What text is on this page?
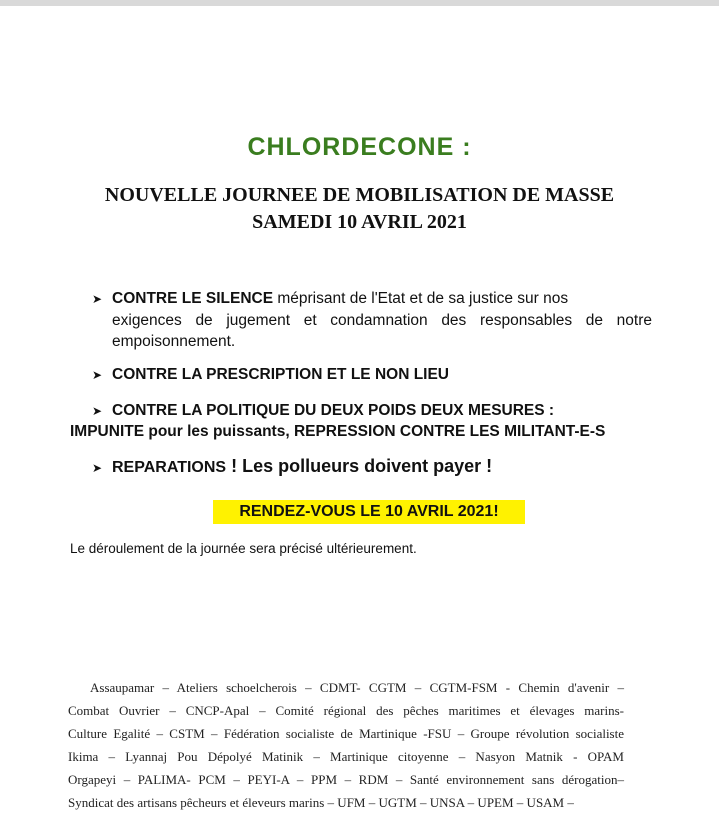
CHLORDECONE :
NOUVELLE JOURNEE DE MOBILISATION DE MASSE
SAMEDI 10 AVRIL 2021
➤ CONTRE LE SILENCE méprisant de l'Etat et de sa justice sur nos
exigences de jugement et condamnation des responsables de notre
empoisonnement.
➤ CONTRE LA PRESCRIPTION ET LE NON LIEU
➤ CONTRE LA POLITIQUE DU DEUX POIDS DEUX MESURES :
IMPUNITE pour les puissants, REPRESSION CONTRE LES MILITANT-E-S
➤ REPARATIONS ! Les pollueurs doivent payer !
RENDEZ-VOUS LE 10 AVRIL 2021!
Le déroulement de la journée sera précisé ultérieurement.
Assaupamar – Ateliers schoelcherois – CDMT- CGTM – CGTM-FSM - Chemin d'avenir –
Combat Ouvrier – CNCP-Apal – Comité régional des pêches maritimes et élevages marins-
Culture Egalité – CSTM – Fédération socialiste de Martinique -FSU – Groupe révolution socialiste
Ikima – Lyannaj Pou Dépolyé Matinik – Martinique citoyenne – Nasyon Matnik - OPAM
Orgapeyi – PALIMA- PCM – PEYI-A – PPM – RDM – Santé environnement sans dérogation–
Syndicat des artisans pêcheurs et éleveurs marins – UFM – UGTM – UNSA – UPEM – USAM –
